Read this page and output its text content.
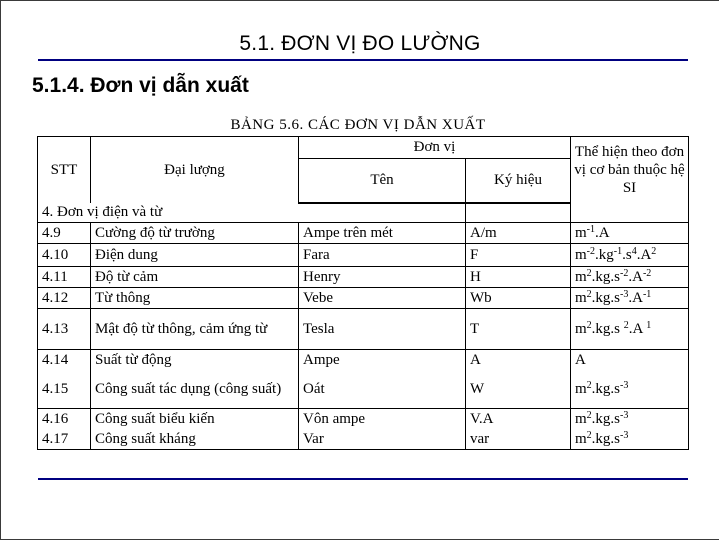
5.1. ĐƠN VỊ ĐO LƯỜNG
5.1.4. Đơn vị dẫn xuất
BẢNG 5.6. CÁC ĐƠN VỊ DẪN XUẤT
STT	Đại lượng	Đơn vị		Thể hiện theo đơn vị cơ bản thuộc hệ SI
		Tên	Ký hiệu	
4. Đơn vị điện và từ				
4.9	Cường độ từ trường	Ampe trên mét	A/m	$m^{-1}.A$
4.10	Điện dung	Fara	F	$m^{-2}.kg^{-1}.s^4.A^2$
4.11	Độ từ cảm	Henry	H	$m^2.kg.s^{-2}.A^{-2}$
4.12	Từ thông	Vebe	Wb	$m^2.kg.s^{-3}.A^{-1}$
4.13	Mật độ từ thông, cảm ứng từ	Tesla	T	$m^2.kg.s$ $^2$.A $^1$
4.14	Suất từ động	Ampe	A	A
4.15	Công suất tác dụng (công suất)	Oát	W	$m^2.kg.s^{-3}$
4.16	Công suất biểu kiến	Vôn ampe	V.A	$m^2.kg.s^{-3}$
4.17	Công suất kháng	Var	var	$m^2.kg.s^{-3}$
